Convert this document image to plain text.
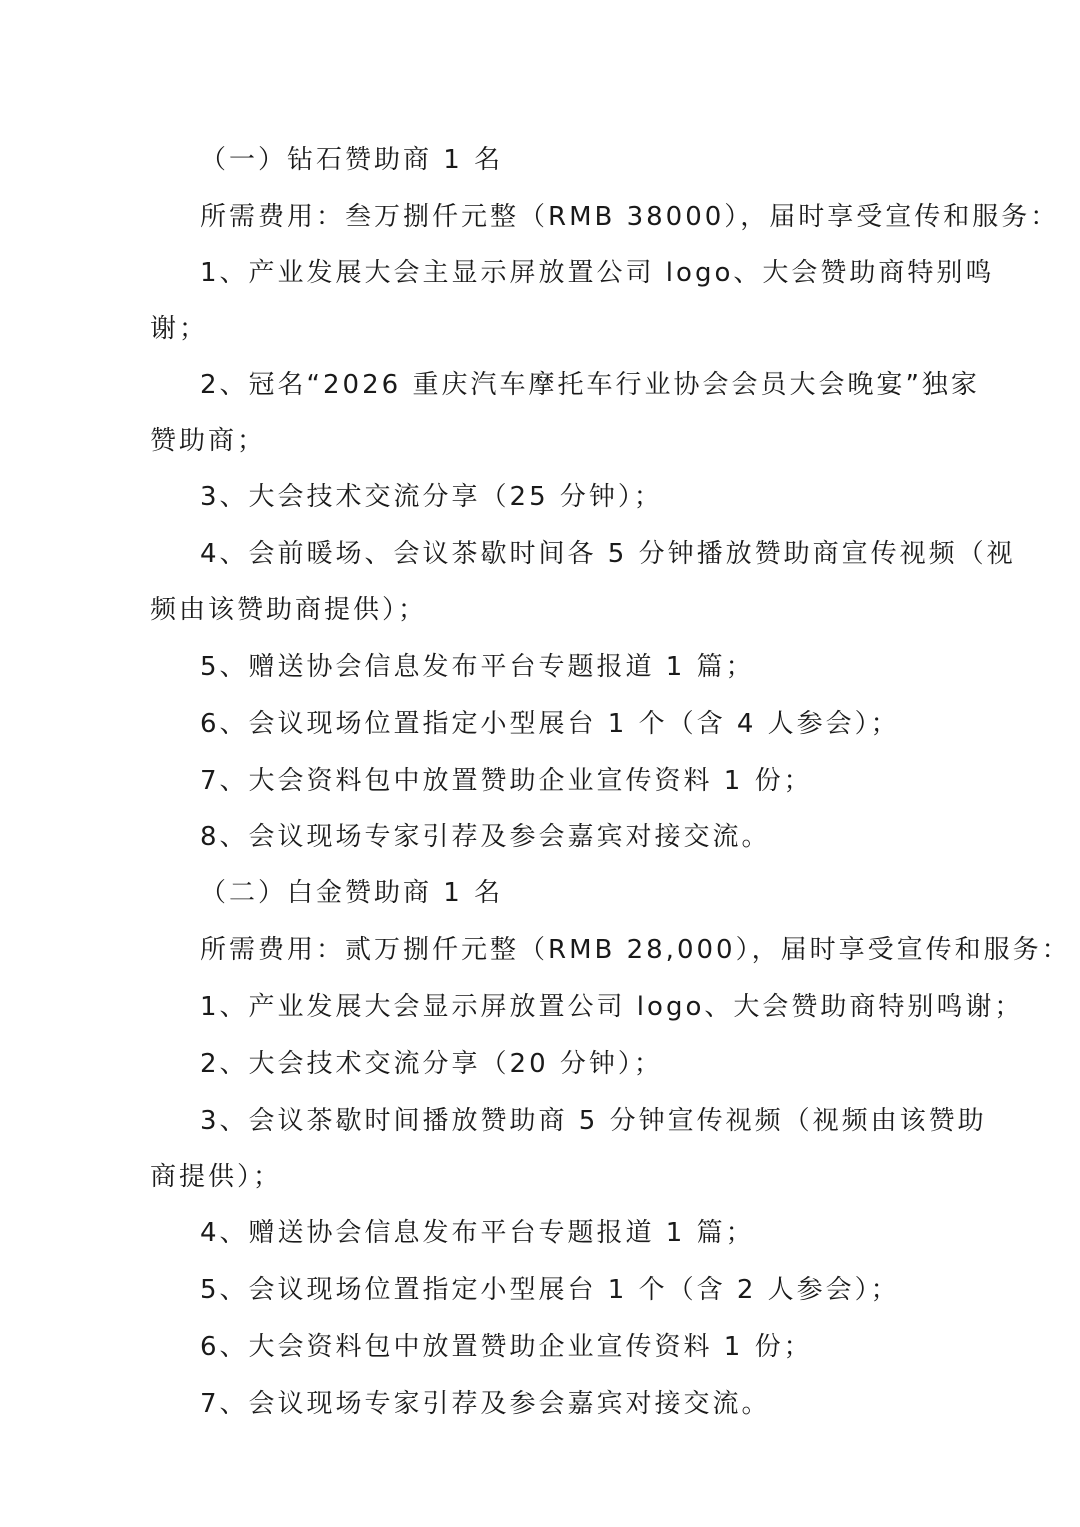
（一）钻石赞助商 1 名

所需费用：叁万捌仟元整（RMB 38000），届时享受宣传和服务：

1、产业发展大会主显示屏放置公司 logo、大会赞助商特别鸣

谢；

2、冠名“2026 重庆汽车摩托车行业协会会员大会晚宴”独家

赞助商；

3、大会技术交流分享（25 分钟）；

4、会前暖场、会议茶歇时间各 5 分钟播放赞助商宣传视频（视

频由该赞助商提供）；

5、赠送协会信息发布平台专题报道 1 篇；

6、会议现场位置指定小型展台 1 个（含 4 人参会）；

7、大会资料包中放置赞助企业宣传资料 1 份；

8、会议现场专家引荐及参会嘉宾对接交流。

（二）白金赞助商 1 名

所需费用：贰万捌仟元整（RMB 28,000），届时享受宣传和服务：

1、产业发展大会显示屏放置公司 logo、大会赞助商特别鸣谢；

2、大会技术交流分享（20 分钟）；

3、会议茶歇时间播放赞助商 5 分钟宣传视频（视频由该赞助

商提供）；

4、赠送协会信息发布平台专题报道 1 篇；

5、会议现场位置指定小型展台 1 个（含 2 人参会）；

6、大会资料包中放置赞助企业宣传资料 1 份；

7、会议现场专家引荐及参会嘉宾对接交流。
